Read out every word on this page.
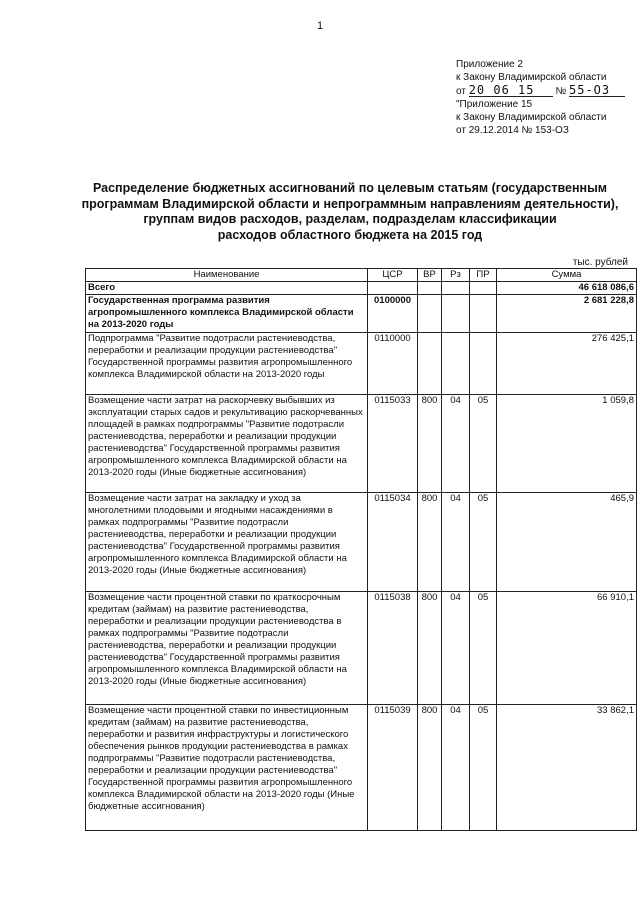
1
Приложение 2
к Закону Владимирской области
от 20 06 15 № 55-ОЗ
"Приложение 15
к Закону Владимирской области
от 29.12.2014 № 153-ОЗ
Распределение бюджетных ассигнований по целевым статьям (государственным
программам Владимирской области и непрограммным направлениям деятельности),
группам видов расходов, разделам, подразделам классификации
расходов областного бюджета на 2015 год
тыс. рублей
Наименование	ЦСР	ВР	Рз	ПР	Сумма
Всего					46 618 086,6
Государственная программа развития агропромышленного комплекса Владимирской области на 2013-2020 годы	0100000				2 681 228,8
Подпрограмма "Развитие подотрасли растениеводства, переработки и реализации продукции растениеводства" Государственной программы развития агропромышленного комплекса Владимирской области на 2013-2020 годы	0110000				276 425,1
Возмещение части затрат на раскорчевку выбывших из эксплуатации старых садов и рекультивацию раскорчеванных площадей в рамках подпрограммы "Развитие подотрасли растениеводства, переработки и реализации продукции растениеводства" Государственной программы развития агропромышленного комплекса Владимирской области на 2013-2020 годы (Иные бюджетные ассигнования)	0115033	800	04	05	1 059,8
Возмещение части затрат на закладку и уход за многолетними плодовыми и ягодными насаждениями в рамках подпрограммы "Развитие подотрасли растениеводства, переработки и реализации продукции растениеводства" Государственной программы развития агропромышленного комплекса Владимирской области на 2013-2020 годы (Иные бюджетные ассигнования)	0115034	800	04	05	465,9
Возмещение части процентной ставки по краткосрочным кредитам (займам) на развитие растениеводства, переработки и реализации продукции растениеводства в рамках подпрограммы "Развитие подотрасли растениеводства, переработки и реализации продукции растениеводства" Государственной программы развития агропромышленного комплекса Владимирской области на 2013-2020 годы (Иные бюджетные ассигнования)	0115038	800	04	05	66 910,1
Возмещение части процентной ставки по инвестиционным кредитам (займам) на развитие растениеводства, переработки и развития инфраструктуры и логистического обеспечения рынков продукции растениеводства в рамках подпрограммы "Развитие подотрасли растениеводства, переработки и реализации продукции растениеводства" Государственной программы развития агропромышленного комплекса Владимирской области на 2013-2020 годы (Иные бюджетные ассигнования)	0115039	800	04	05	33 862,1
